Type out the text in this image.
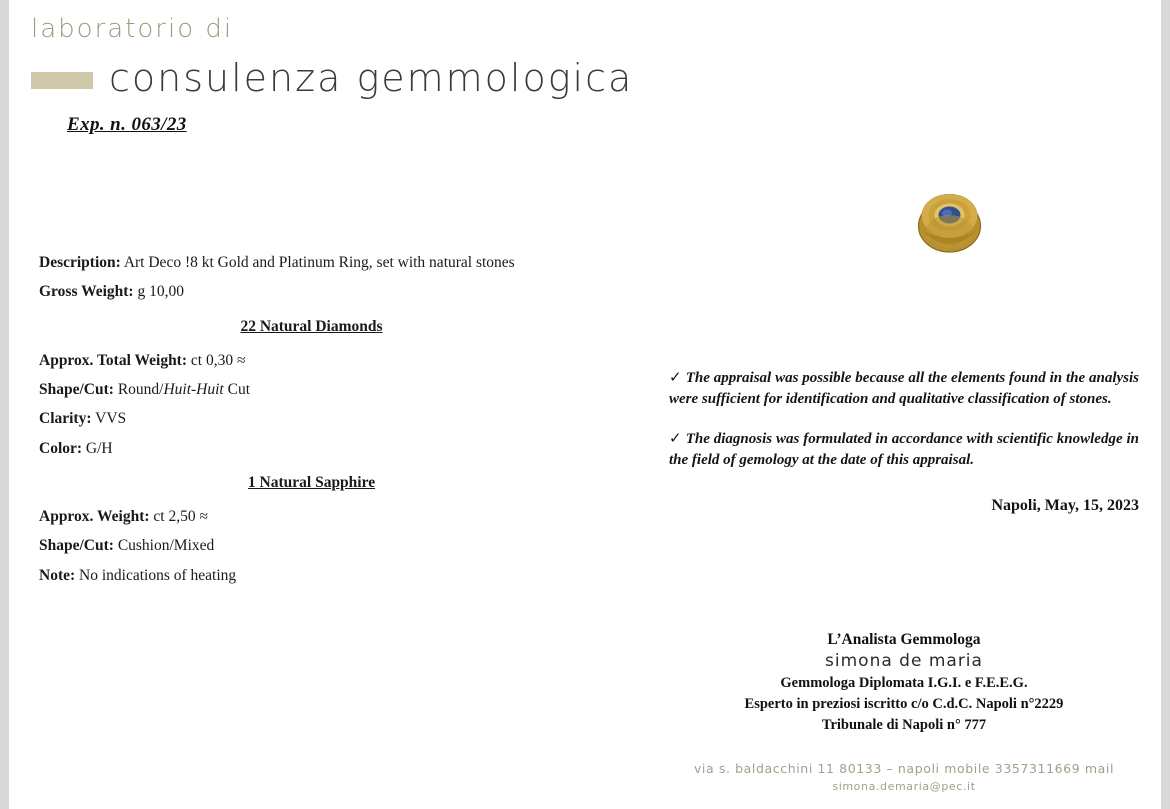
laboratorio di
consulenza gemmologica
Exp. n. 063/23
Description: Art Deco !8 kt Gold and Platinum Ring, set with natural stones
Gross Weight: g 10,00
22 Natural Diamonds
Approx. Total Weight: ct 0,30 ≈
Shape/Cut: Round/Huit-Huit Cut
Clarity: VVS
Color: G/H
1 Natural Sapphire
Approx. Weight: ct 2,50 ≈
Shape/Cut: Cushion/Mixed
Note: No indications of heating

✓ The appraisal was possible because all the elements found in the analysis were sufficient for identification and qualitative classification of stones.

✓ The diagnosis was formulated in accordance with scientific knowledge in the field of gemology at the date of this appraisal.

Napoli, May, 15, 2023
L’Analista Gemmologa
simona de maria
Gemmologa Diplomata I.G.I. e F.E.E.G.
Esperto in preziosi iscritto c/o C.d.C. Napoli n°2229
Tribunale di Napoli n° 777
via s. baldacchini 11 80133 – napoli mobile 3357311669 mail
simona.demaria@pec.it
